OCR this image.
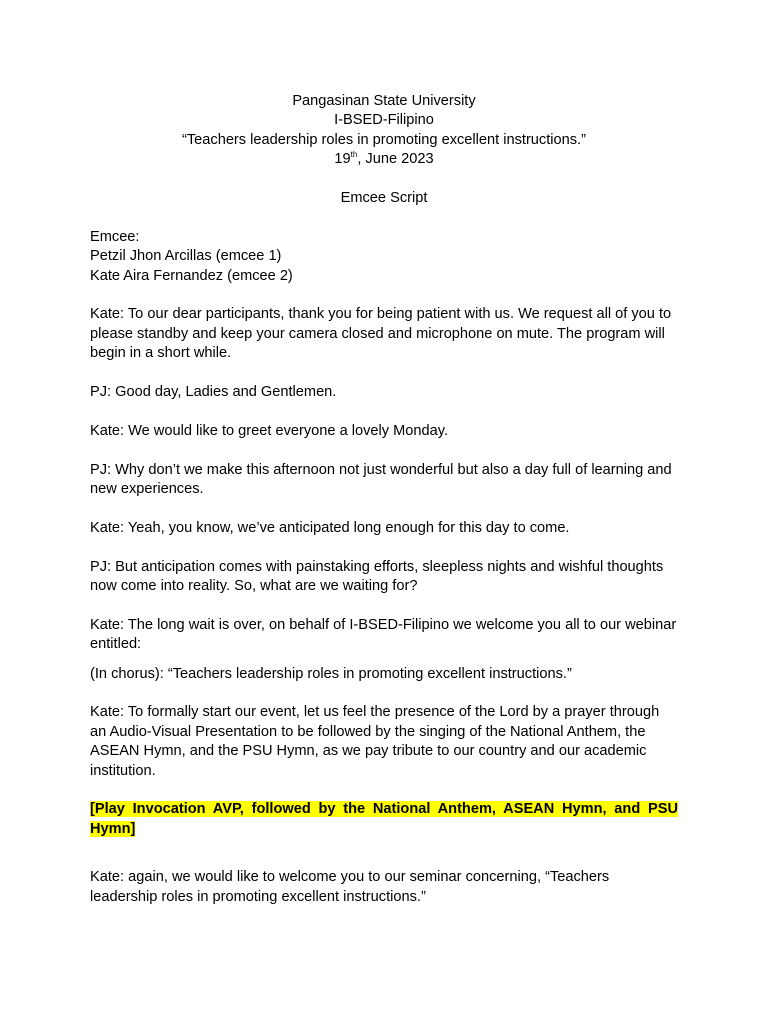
Pangasinan State University
I-BSED-Filipino
“Teachers leadership roles in promoting excellent instructions.”
19th, June 2023
Emcee Script
Emcee:
Petzil Jhon Arcillas (emcee 1)
Kate Aira Fernandez (emcee 2)

Kate: To our dear participants, thank you for being patient with us. We request all of you to please standby and keep your camera closed and microphone on mute. The program will begin in a short while.

PJ: Good day, Ladies and Gentlemen.

Kate: We would like to greet everyone a lovely Monday.

PJ: Why don’t we make this afternoon not just wonderful but also a day full of learning and new experiences.

Kate: Yeah, you know, we’ve anticipated long enough for this day to come.

PJ: But anticipation comes with painstaking efforts, sleepless nights and wishful thoughts now come into reality. So, what are we waiting for?

Kate: The long wait is over, on behalf of I-BSED-Filipino we welcome you all to our webinar entitled:

(In chorus): “Teachers leadership roles in promoting excellent instructions.”

Kate: To formally start our event, let us feel the presence of the Lord by a prayer through an Audio-Visual Presentation to be followed by the singing of the National Anthem, the ASEAN Hymn, and the PSU Hymn, as we pay tribute to our country and our academic institution.

[Play Invocation AVP, followed by the National Anthem, ASEAN Hymn, and PSU Hymn]

Kate: again, we would like to welcome you to our seminar concerning, “Teachers leadership roles in promoting excellent instructions.”
